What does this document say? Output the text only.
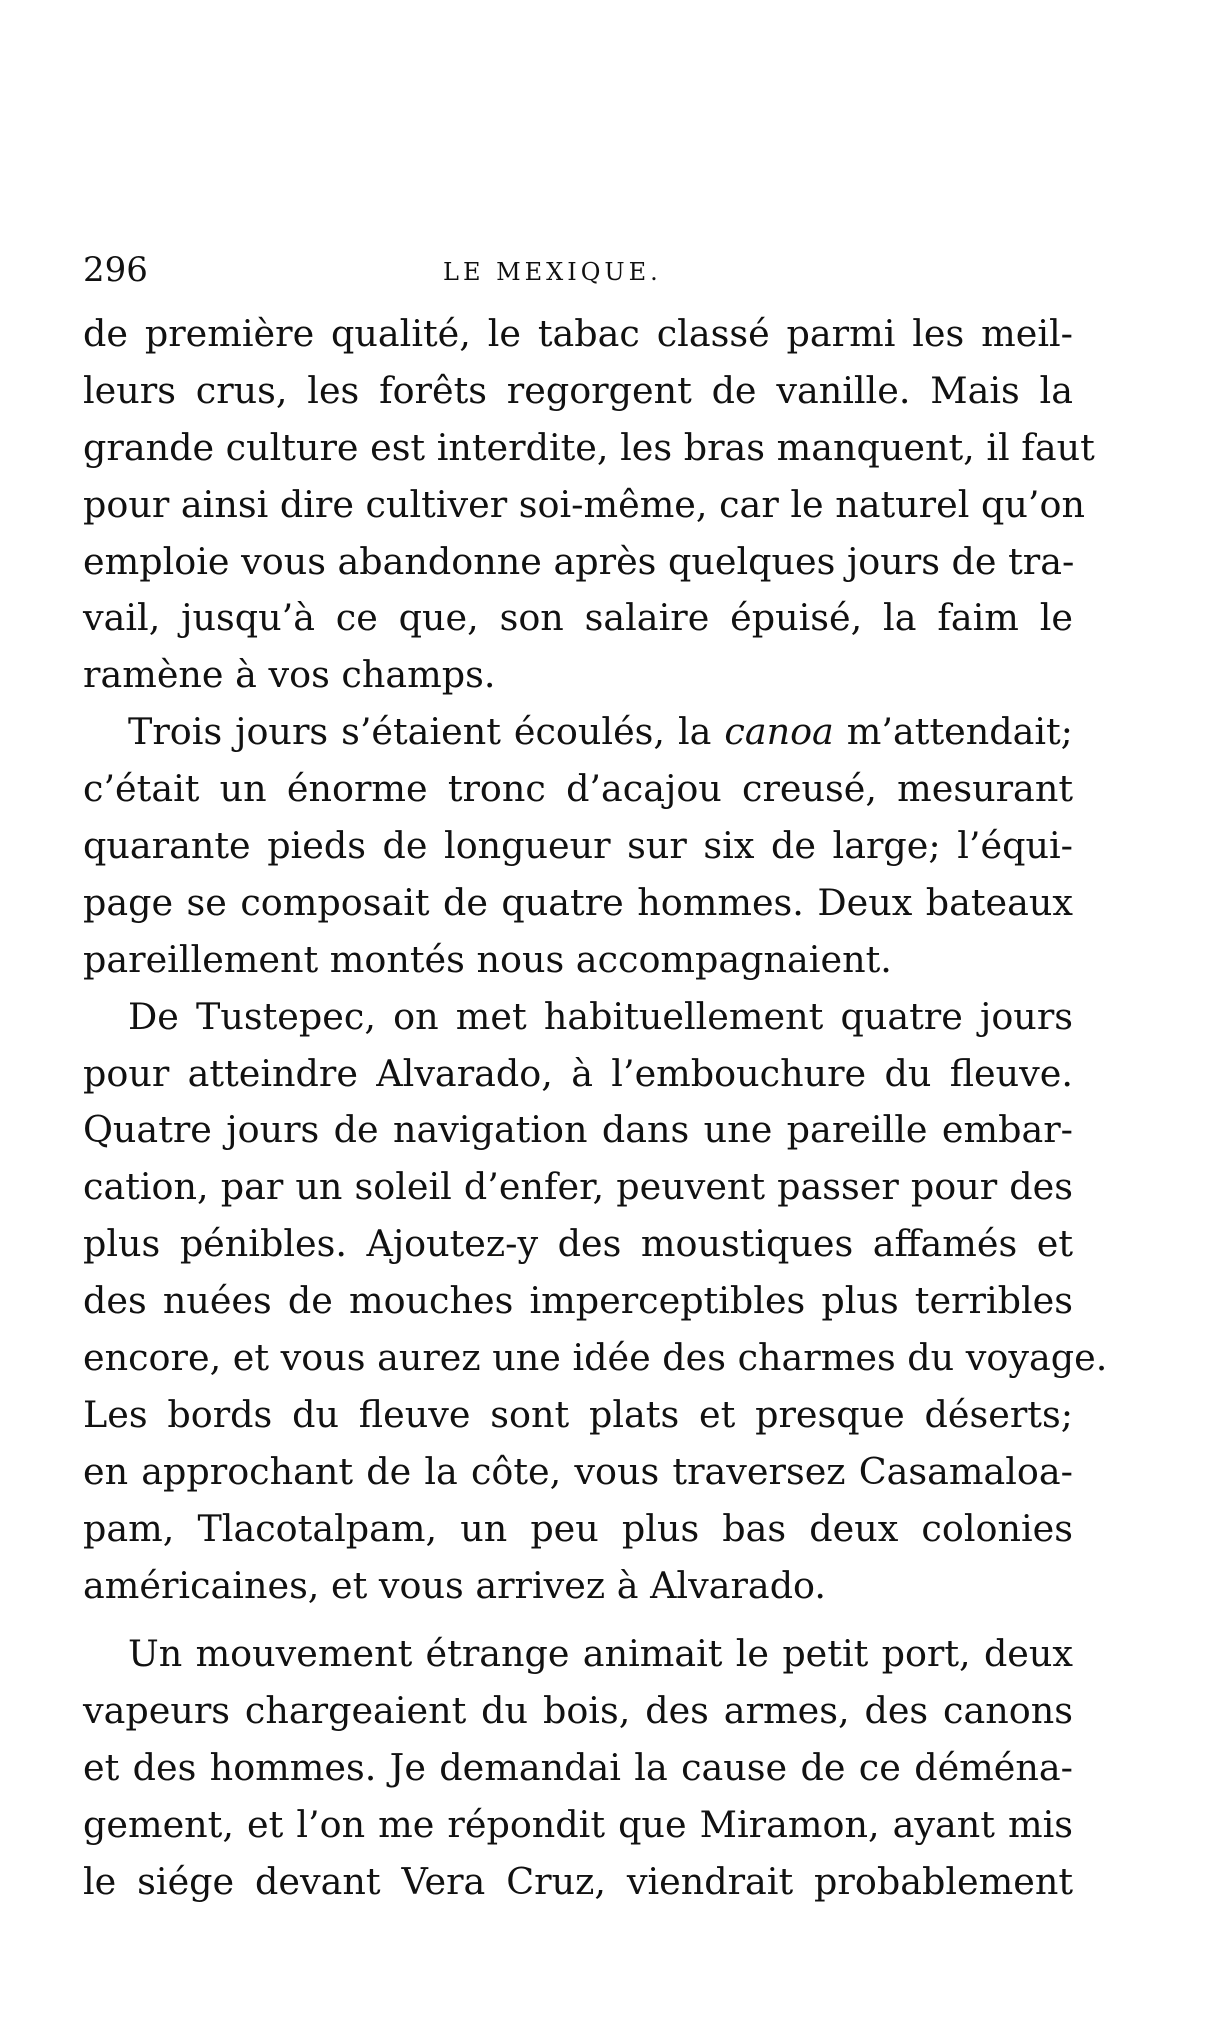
296	LE MEXIQUE.
de première qualité, le tabac classé parmi les meil-
leurs crus, les forêts regorgent de vanille. Mais la
grande culture est interdite, les bras manquent, il faut
pour ainsi dire cultiver soi-même, car le naturel qu’on
emploie vous abandonne après quelques jours de tra-
vail, jusqu’à ce que, son salaire épuisé, la faim le
ramène à vos champs.
Trois jours s’étaient écoulés, la canoa m’attendait;
c’était un énorme tronc d’acajou creusé, mesurant
quarante pieds de longueur sur six de large; l’équi-
page se composait de quatre hommes. Deux bateaux
pareillement montés nous accompagnaient.
De Tustepec, on met habituellement quatre jours
pour atteindre Alvarado, à l’embouchure du fleuve.
Quatre jours de navigation dans une pareille embar-
cation, par un soleil d’enfer, peuvent passer pour des
plus pénibles. Ajoutez-y des moustiques affamés et
des nuées de mouches imperceptibles plus terribles
encore, et vous aurez une idée des charmes du voyage.
Les bords du fleuve sont plats et presque déserts;
en approchant de la côte, vous traversez Casamaloa-
pam, Tlacotalpam, un peu plus bas deux colonies
américaines, et vous arrivez à Alvarado.
Un mouvement étrange animait le petit port, deux
vapeurs chargeaient du bois, des armes, des canons
et des hommes. Je demandai la cause de ce déména-
gement, et l’on me répondit que Miramon, ayant mis
le siége devant Vera Cruz, viendrait probablement
